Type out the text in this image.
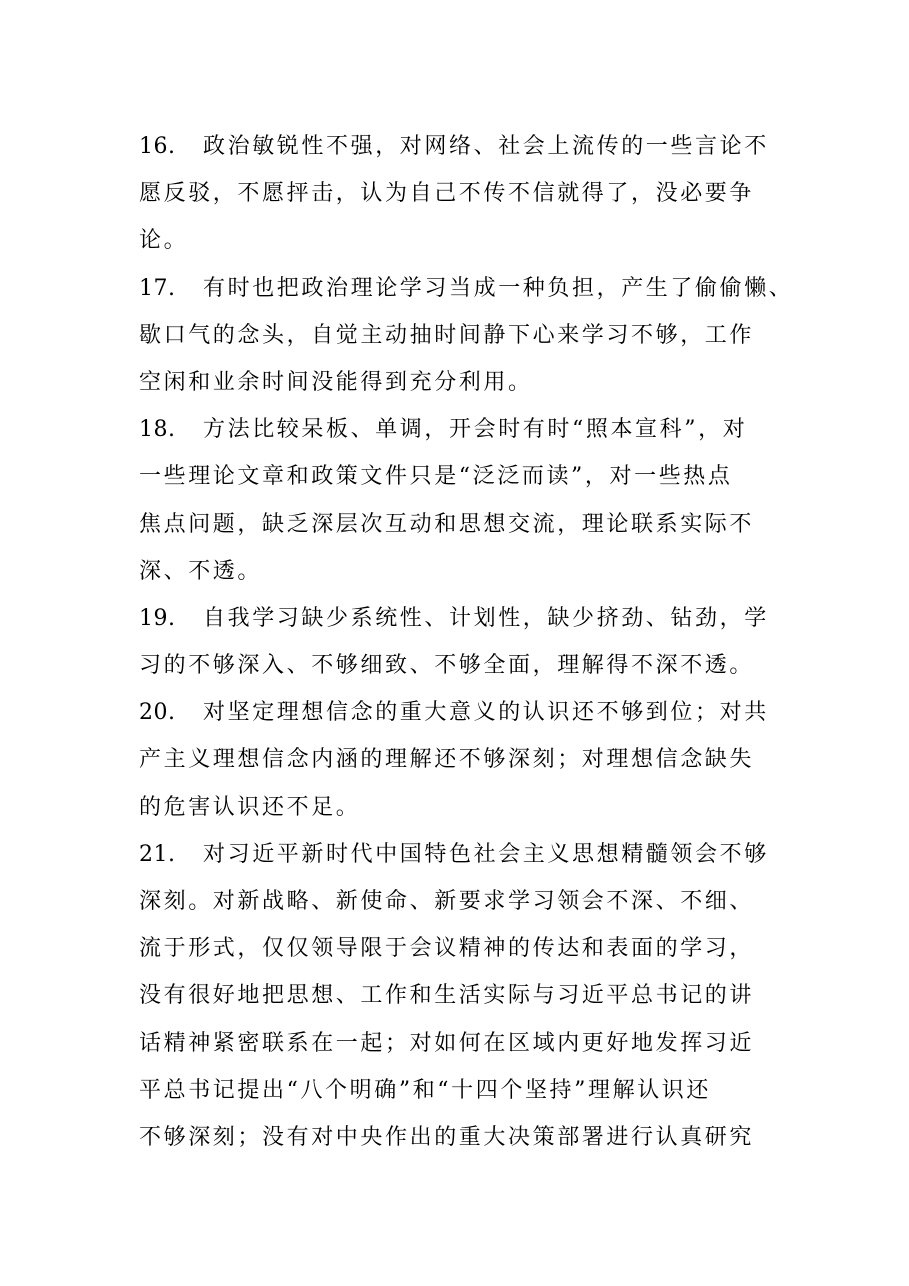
16. 政治敏锐性不强，对网络、社会上流传的一些言论不
愿反驳，不愿抨击，认为自己不传不信就得了，没必要争
论。
17. 有时也把政治理论学习当成一种负担，产生了偷偷懒、
歇口气的念头，自觉主动抽时间静下心来学习不够，工作
空闲和业余时间没能得到充分利用。
18. 方法比较呆板、单调，开会时有时“照本宣科”，对
一些理论文章和政策文件只是“泛泛而读”，对一些热点
焦点问题，缺乏深层次互动和思想交流，理论联系实际不
深、不透。
19. 自我学习缺少系统性、计划性，缺少挤劲、钻劲，学
习的不够深入、不够细致、不够全面，理解得不深不透。
20. 对坚定理想信念的重大意义的认识还不够到位；对共
产主义理想信念内涵的理解还不够深刻；对理想信念缺失
的危害认识还不足。
21. 对习近平新时代中国特色社会主义思想精髓领会不够
深刻。对新战略、新使命、新要求学习领会不深、不细、
流于形式，仅仅领导限于会议精神的传达和表面的学习，
没有很好地把思想、工作和生活实际与习近平总书记的讲
话精神紧密联系在一起；对如何在区域内更好地发挥习近
平总书记提出“八个明确”和“十四个坚持”理解认识还
不够深刻；没有对中央作出的重大决策部署进行认真研究
